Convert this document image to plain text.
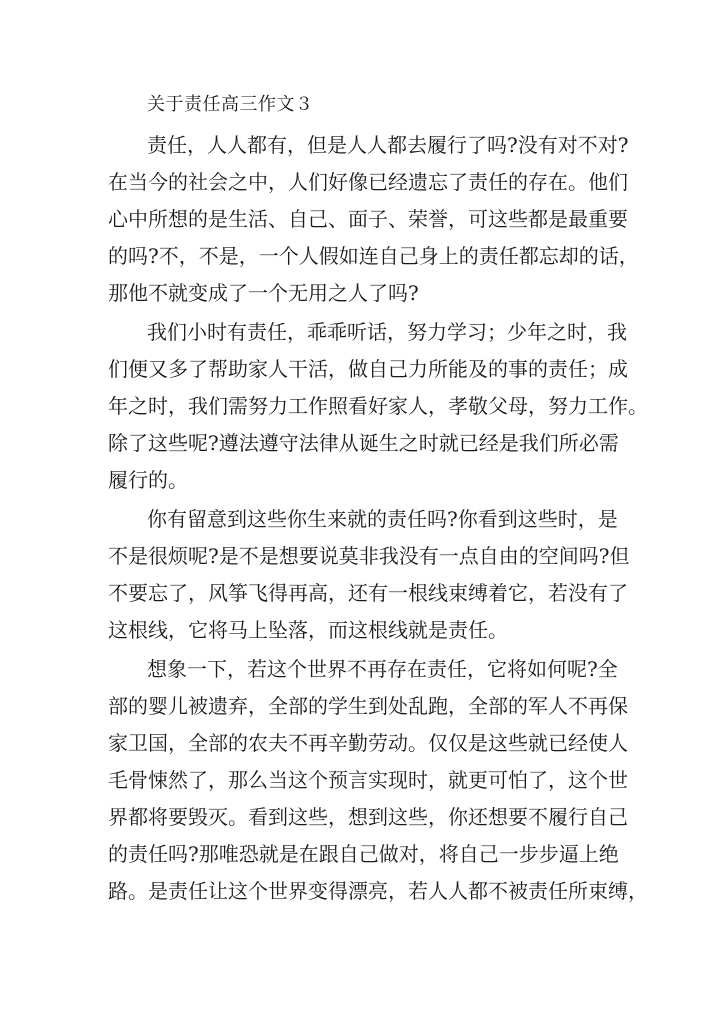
关于责任高三作文３
责任，人人都有，但是人人都去履行了吗?没有对不对?
在当今的社会之中，人们好像已经遗忘了责任的存在。他们
心中所想的是生活、自己、面子、荣誉，可这些都是最重要
的吗?不，不是，一个人假如连自己身上的责任都忘却的话，
那他不就变成了一个无用之人了吗?
我们小时有责任，乖乖听话，努力学习；少年之时，我
们便又多了帮助家人干活，做自己力所能及的事的责任；成
年之时，我们需努力工作照看好家人，孝敬父母，努力工作。
除了这些呢?遵法遵守法律从诞生之时就已经是我们所必需
履行的。
你有留意到这些你生来就的责任吗?你看到这些时，是
不是很烦呢?是不是想要说莫非我没有一点自由的空间吗?但
不要忘了，风筝飞得再高，还有一根线束缚着它，若没有了
这根线，它将马上坠落，而这根线就是责任。
想象一下，若这个世界不再存在责任，它将如何呢?全
部的婴儿被遗弃，全部的学生到处乱跑，全部的军人不再保
家卫国，全部的农夫不再辛勤劳动。仅仅是这些就已经使人
毛骨悚然了，那么当这个预言实现时，就更可怕了，这个世
界都将要毁灭。看到这些，想到这些，你还想要不履行自己
的责任吗?那唯恐就是在跟自己做对，将自己一步步逼上绝
路。是责任让这个世界变得漂亮，若人人都不被责任所束缚，
